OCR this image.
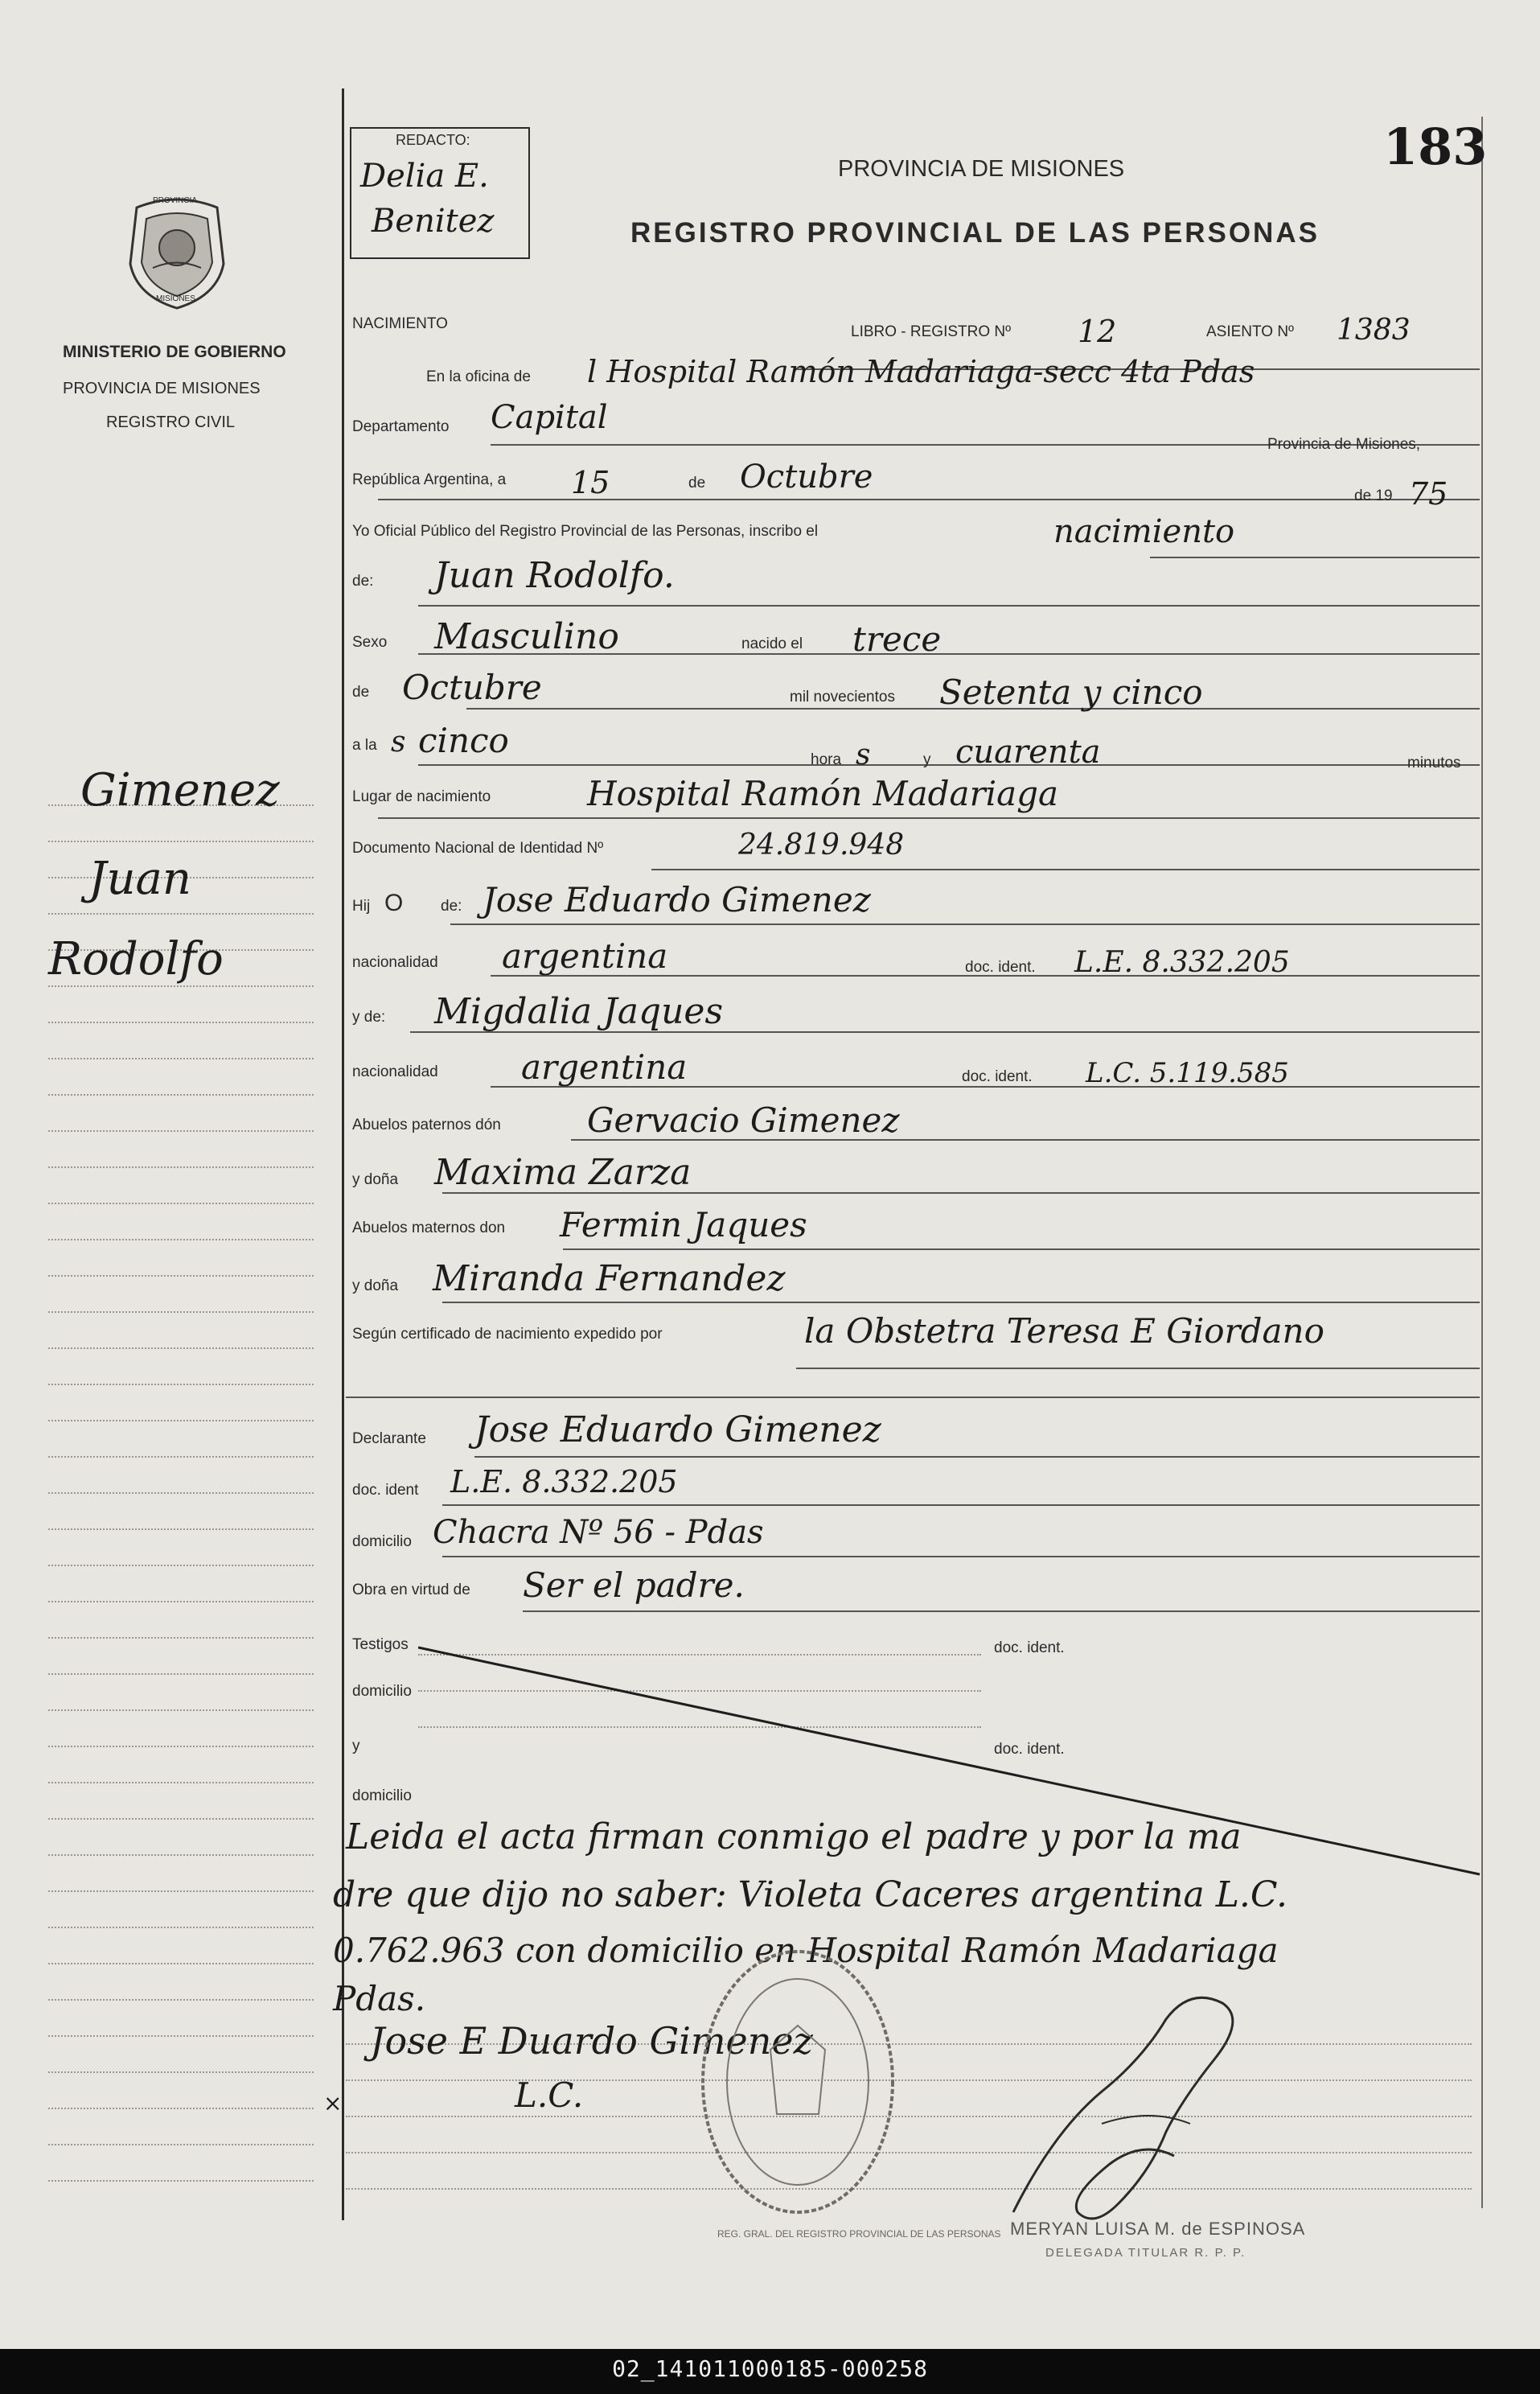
PROVINCIA
MISIONES
MINISTERIO DE GOBIERNO
PROVINCIA DE MISIONES
REGISTRO CIVIL
Gimenez
Juan
Rodolfo
REDACTO:
Delia E.
Benitez
PROVINCIA DE MISIONES
REGISTRO PROVINCIAL DE LAS PERSONAS
183
NACIMIENTO	LIBRO - REGISTRO Nº 12	ASIENTO Nº 1383
En la oficina de l Hospital Ramón Madariaga-secc 4ta Pdas
Departamento Capital
Provincia de Misiones,
República Argentina, a 15	de Octubre
de 19 75
Yo Oficial Público del Registro Provincial de las Personas, inscribo el	nacimiento
de: Juan Rodolfo.
Sexo Masculino	nacido el trece
de Octubre	mil novecientos Setenta y cinco
a la s cinco	hora s	y cuarenta	minutos
Lugar de nacimiento	Hospital Ramón Madariaga
Documento Nacional de Identidad Nº	24.819.948
Hij O de: Jose Eduardo Gimenez
nacionalidad argentina	doc. ident. L.E. 8.332.205
y de: Migdalia Jaques
nacionalidad argentina	doc. ident. L.C. 5.119.585
Abuelos paternos dón	Gervacio Gimenez
y doña Maxima Zarza
Abuelos maternos don Fermin Jaques
y doña Miranda Fernandez
Según certificado de nacimiento expedido por	la Obstetra Teresa E Giordano
Declarante Jose Eduardo Gimenez
doc. ident L.E. 8.332.205
domicilio Chacra Nº 56 - Pdas
Obra en virtud de Ser el padre.
Testigos	doc. ident.
domicilio
y	doc. ident.
domicilio
Leida el acta firman conmigo el padre y por la ma
dre que dijo no saber: Violeta Caceres argentina L.C.
0.762.963 con domicilio en Hospital Ramón Madariaga
Pdas.
Jose E Duardo Gimenez
L.C.
×
REG. GRAL. DEL REGISTRO PROVINCIAL DE LAS PERSONAS MERYAN LUISA M. de ESPINOSA
DELEGADA TITULAR R. P. P.
02_141011000185-000258
